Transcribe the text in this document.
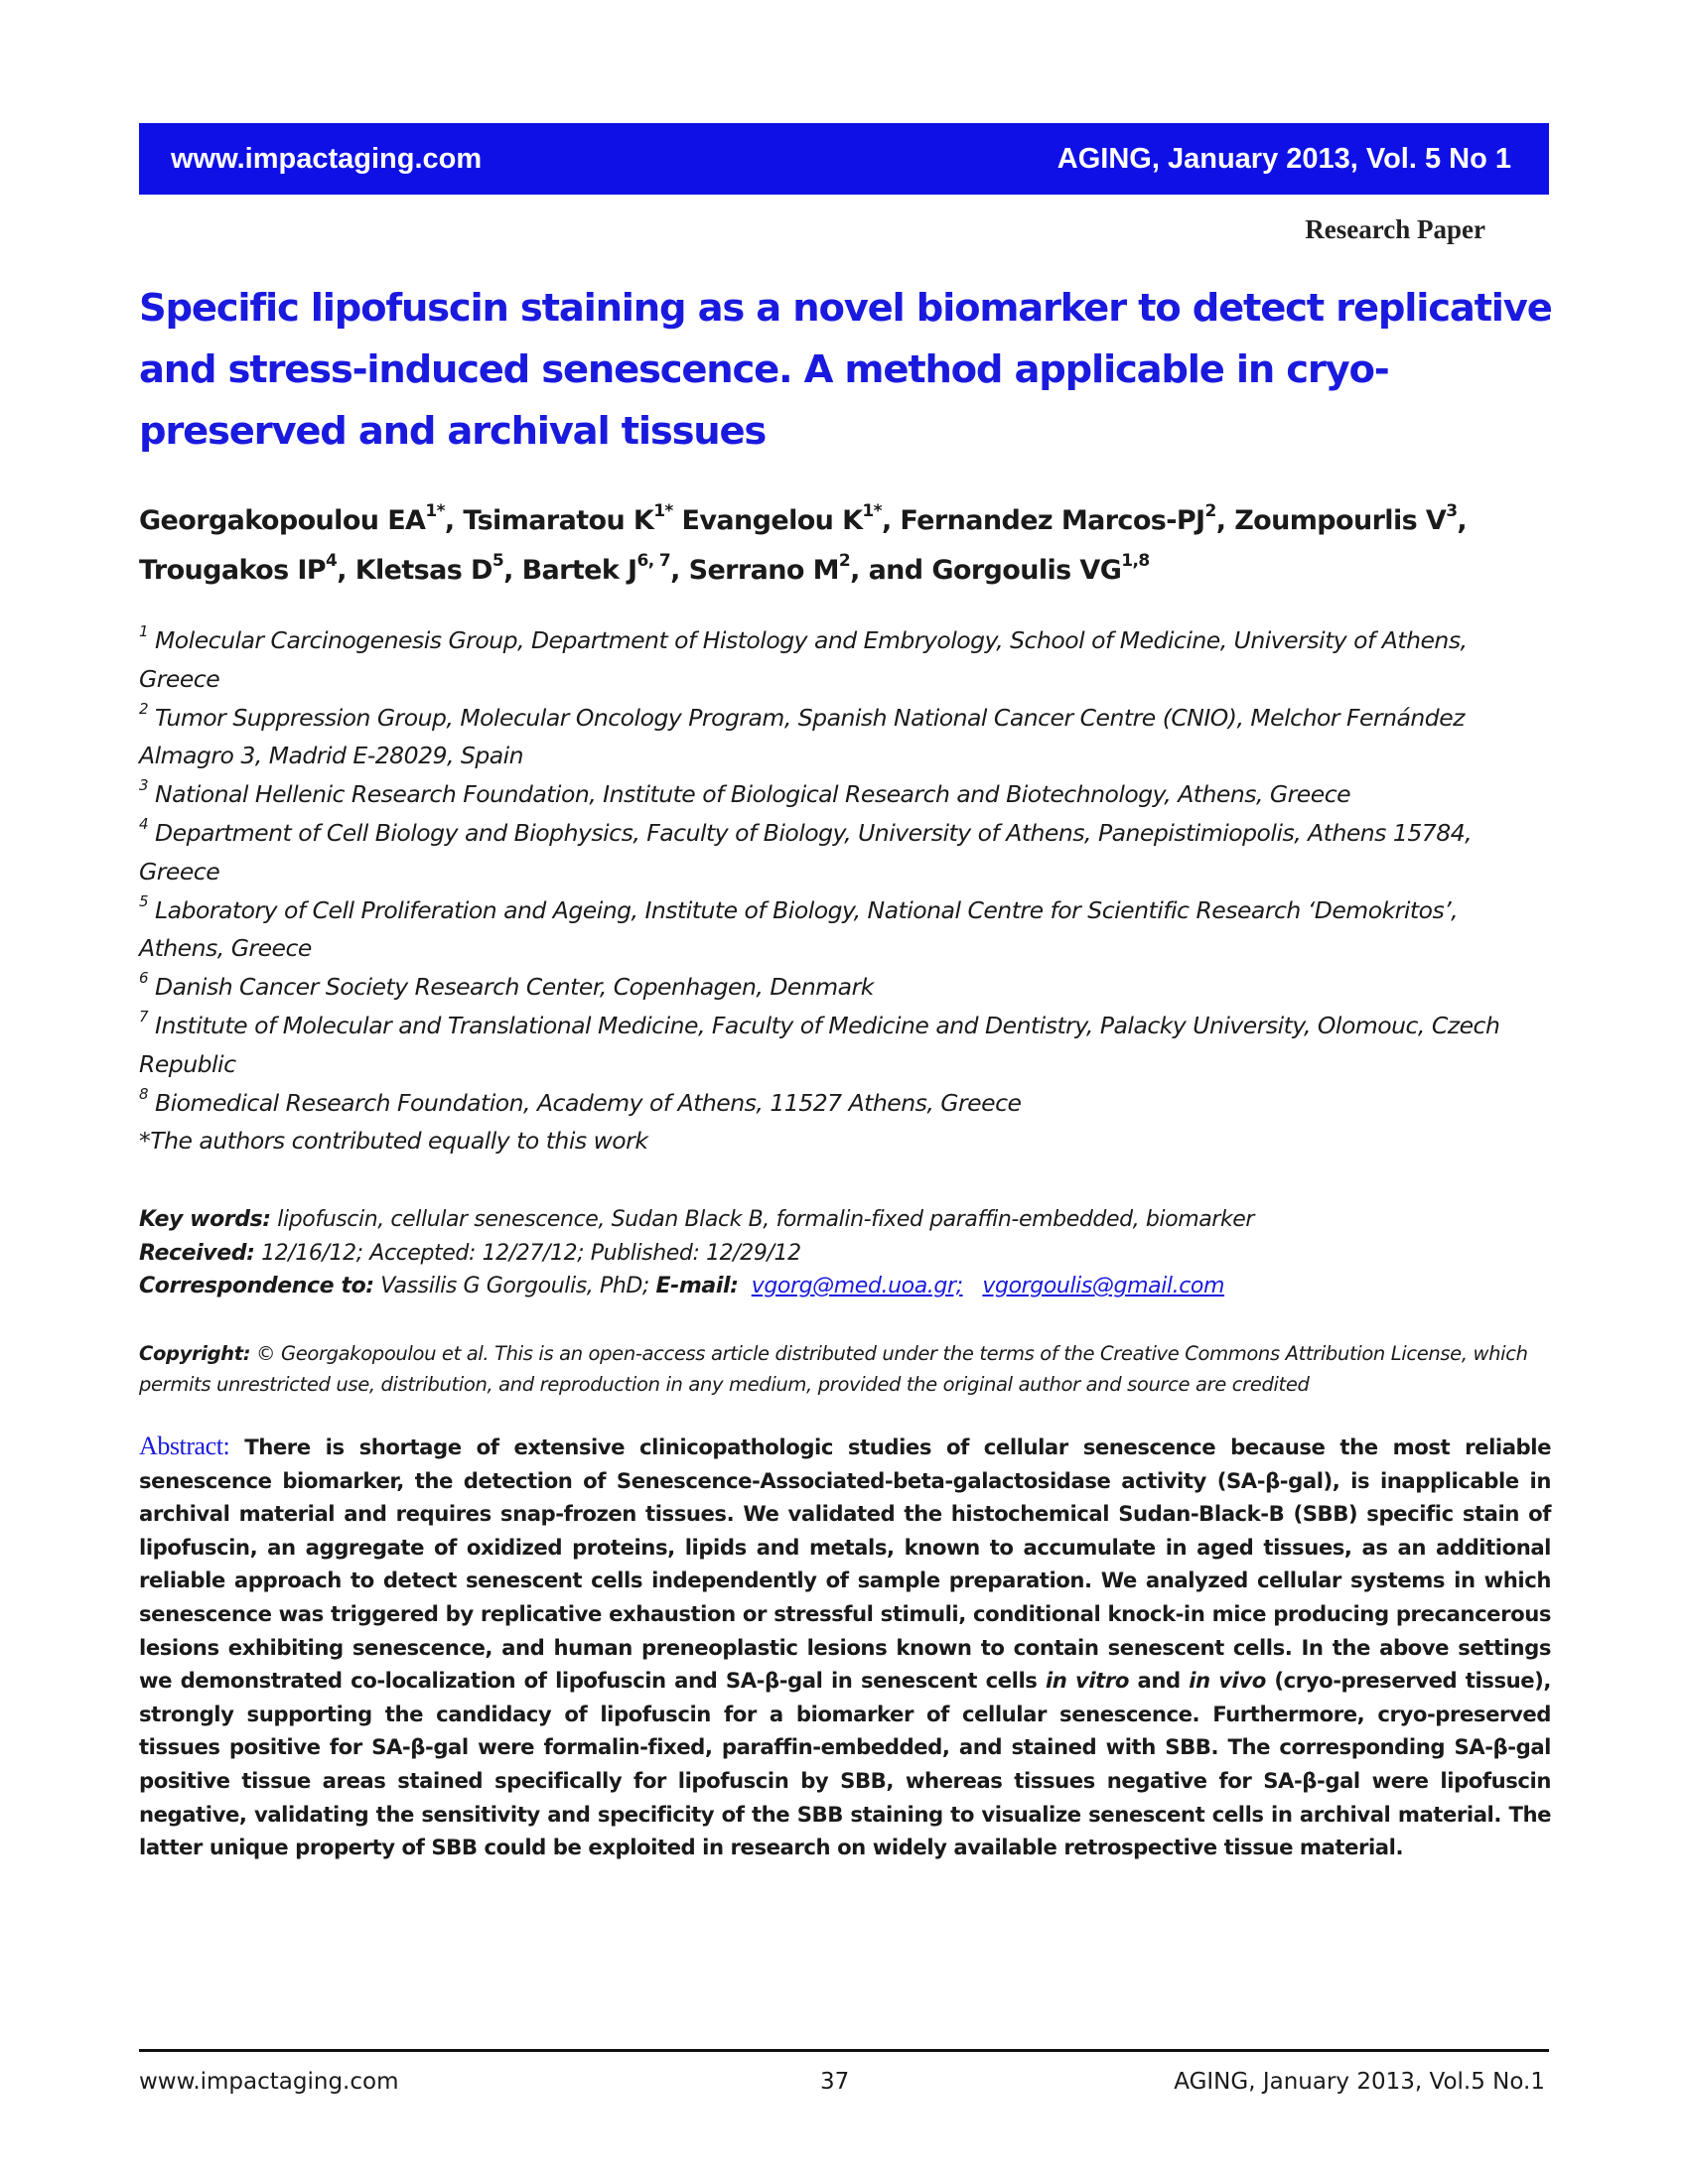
www.impactaging.com	AGING, January 2013, Vol. 5 No 1
Research Paper
Specific lipofuscin staining as a novel biomarker to detect replicative and stress-induced senescence. A method applicable in cryo-preserved and archival tissues

Georgakopoulou $EA^{1*}$, Tsimaratou $K^{1*}$ Evangelou $K^{1*}$, Fernandez Marcos-$PJ^2$, Zoumpourlis $V^3$,
Trougakos $IP^4$, Kletsas $D^5$, Bartek J$^{6, 7}$, Serrano $M^2$, and Gorgoulis VG$^{1,8}$

$^1$ Molecular Carcinogenesis Group, Department of Histology and Embryology, School of Medicine, University of Athens, Greece
$^2$ Tumor Suppression Group, Molecular Oncology Program, Spanish National Cancer Centre (CNIO), Melchor Fernández Almagro 3, Madrid E-28029, Spain
$^3$ National Hellenic Research Foundation, Institute of Biological Research and Biotechnology, Athens, Greece
$^4$ Department of Cell Biology and Biophysics, Faculty of Biology, University of Athens, Panepistimiopolis, Athens 15784, Greece
$^5$ Laboratory of Cell Proliferation and Ageing, Institute of Biology, National Centre for Scientific Research ‘Demokritos’, Athens, Greece
$^6$ Danish Cancer Society Research Center, Copenhagen, Denmark
$^7$ Institute of Molecular and Translational Medicine, Faculty of Medicine and Dentistry, Palacky University, Olomouc, Czech Republic
$^8$ Biomedical Research Foundation, Academy of Athens, 11527 Athens, Greece
*The authors contributed equally to this work
Key words: lipofuscin, cellular senescence, Sudan Black B, formalin-fixed paraffin-embedded, biomarker
Received: 12/16/12; Accepted: 12/27/12; Published: 12/29/12
Correspondence to: Vassilis G Gorgoulis, PhD; E-mail: vgorg@med.uoa.gr; vgorgoulis@gmail.com
Copyright: © Georgakopoulou et al. This is an open-access article distributed under the terms of the Creative Commons Attribution License, which permits unrestricted use, distribution, and reproduction in any medium, provided the original author and source are credited

Abstract: There is shortage of extensive clinicopathologic studies of cellular senescence because the most reliable senescence biomarker, the detection of Senescence-Associated-beta-galactosidase activity (SA-β-gal), is inapplicable in archival material and requires snap-frozen tissues. We validated the histochemical Sudan-Black-B (SBB) specific stain of lipofuscin, an aggregate of oxidized proteins, lipids and metals, known to accumulate in aged tissues, as an additional reliable approach to detect senescent cells independently of sample preparation. We analyzed cellular systems in which senescence was triggered by replicative exhaustion or stressful stimuli, conditional knock-in mice producing precancerous lesions exhibiting senescence, and human preneoplastic lesions known to contain senescent cells. In the above settings we demonstrated co-localization of lipofuscin and SA-β-gal in senescent cells in vitro and in vivo (cryo-preserved tissue), strongly supporting the candidacy of lipofuscin for a biomarker of cellular senescence. Furthermore, cryo-preserved tissues positive for SA-β-gal were formalin-fixed, paraffin-embedded, and stained with SBB. The corresponding SA-β-gal positive tissue areas stained specifically for lipofuscin by SBB, whereas tissues negative for SA-β-gal were lipofuscin negative, validating the sensitivity and specificity of the SBB staining to visualize senescent cells in archival material. The latter unique property of SBB could be exploited in research on widely available retrospective tissue material.

www.impactaging.com	37	AGING, January 2013, Vol.5 No.1
